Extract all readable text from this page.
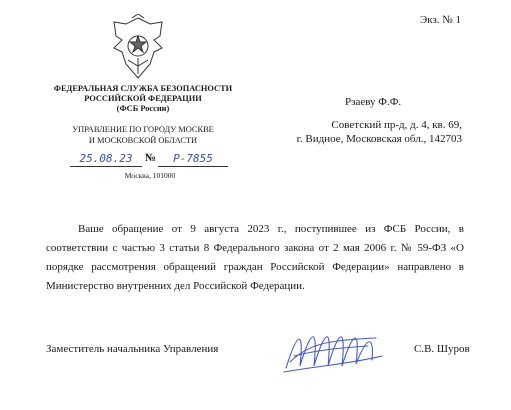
Экз. № 1
ФЕДЕРАЛЬНАЯ СЛУЖБА БЕЗОПАСНОСТИ
РОССИЙСКОЙ ФЕДЕРАЦИИ
(ФСБ России)
УПРАВЛЕНИЕ ПО ГОРОДУ МОСКВЕ
И МОСКОВСКОЙ ОБЛАСТИ
25.08.23	№	Р-7855
Москва, 101000
Рзаеву Ф.Ф.
Советский пр-д, д. 4, кв. 69,
г. Видное, Московская обл., 142703

Ваше обращение от 9 августа 2023 г., поступившее из ФСБ России, в соответствии с частью 3 статьи 8 Федерального закона от 2 мая 2006 г. № 59-ФЗ «О порядке рассмотрения обращений граждан Российской Федерации» направлено в Министерство внутренних дел Российской Федерации.

Заместитель начальника Управления	С.В. Шуров
